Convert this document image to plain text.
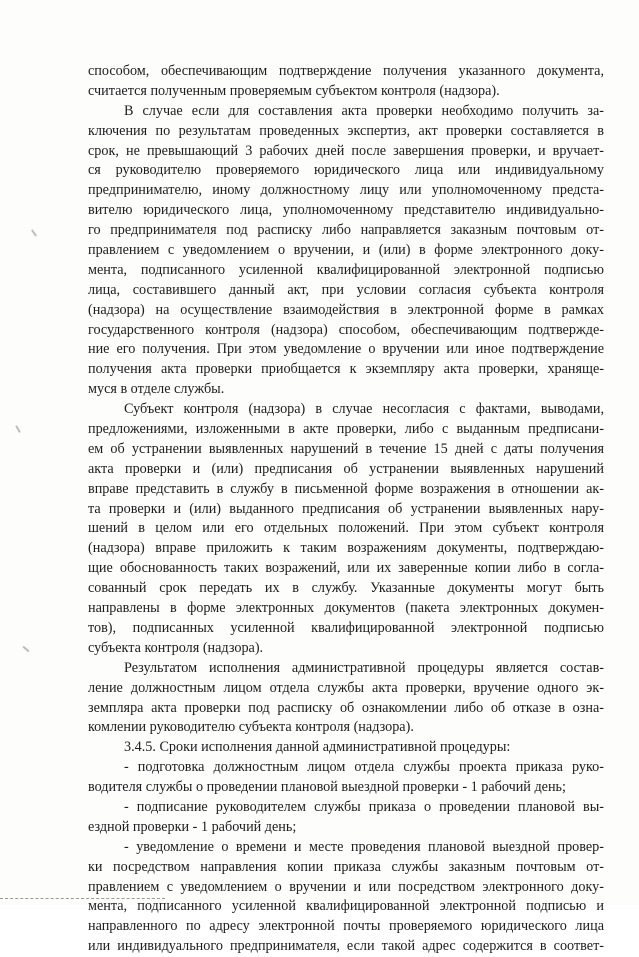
способом, обеспечивающим подтверждение получения указанного документа,
считается полученным проверяемым субъектом контроля (надзора).
В случае если для составления акта проверки необходимо получить за-
ключения по результатам проведенных экспертиз, акт проверки составляется в
срок, не превышающий 3 рабочих дней после завершения проверки, и вручает-
ся руководителю проверяемого юридического лица или индивидуальному
предпринимателю, иному должностному лицу или уполномоченному предста-
вителю юридического лица, уполномоченному представителю индивидуально-
го предпринимателя под расписку либо направляется заказным почтовым от-
правлением с уведомлением о вручении, и (или) в форме электронного доку-
мента, подписанного усиленной квалифицированной электронной подписью
лица, составившего данный акт, при условии согласия субъекта контроля
(надзора) на осуществление взаимодействия в электронной форме в рамках
государственного контроля (надзора) способом, обеспечивающим подтвержде-
ние его получения. При этом уведомление о вручении или иное подтверждение
получения акта проверки приобщается к экземпляру акта проверки, хранящe-
муся в отделе службы.
Субъект контроля (надзора) в случае несогласия с фактами, выводами,
предложениями, изложенными в акте проверки, либо с выданным предписани-
ем об устранении выявленных нарушений в течение 15 дней с даты получения
акта проверки и (или) предписания об устранении выявленных нарушений
вправе представить в службу в письменной форме возражения в отношении ак-
та проверки и (или) выданного предписания об устранении выявленных нару-
шений в целом или его отдельных положений. При этом субъект контроля
(надзора) вправе приложить к таким возражениям документы, подтверждаю-
щие обоснованность таких возражений, или их заверенные копии либо в согла-
сованный срок передать их в службу. Указанные документы могут быть
направлены в форме электронных документов (пакета электронных докумен-
тов), подписанных усиленной квалифицированной электронной подписью
субъекта контроля (надзора).
Результатом исполнения административной процедуры является состав-
ление должностным лицом отдела службы акта проверки, вручение одного эк-
земпляра акта проверки под расписку об ознакомлении либо об отказе в озна-
комлении руководителю субъекта контроля (надзора).
3.4.5. Сроки исполнения данной административной процедуры:
- подготовка должностным лицом отдела службы проекта приказа руко-
водителя службы о проведении плановой выездной проверки - 1 рабочий день;
- подписание руководителем службы приказа о проведении плановой вы-
ездной проверки - 1 рабочий день;
- уведомление о времени и месте проведения плановой выездной провер-
ки посредством направления копии приказа службы заказным почтовым от-
правлением с уведомлением о вручении и или посредством электронного доку-
мента, подписанного усиленной квалифицированной электронной подписью и
направленного по адресу электронной почты проверяемого юридического лица
или индивидуального предпринимателя, если такой адрес содержится в соответ-
